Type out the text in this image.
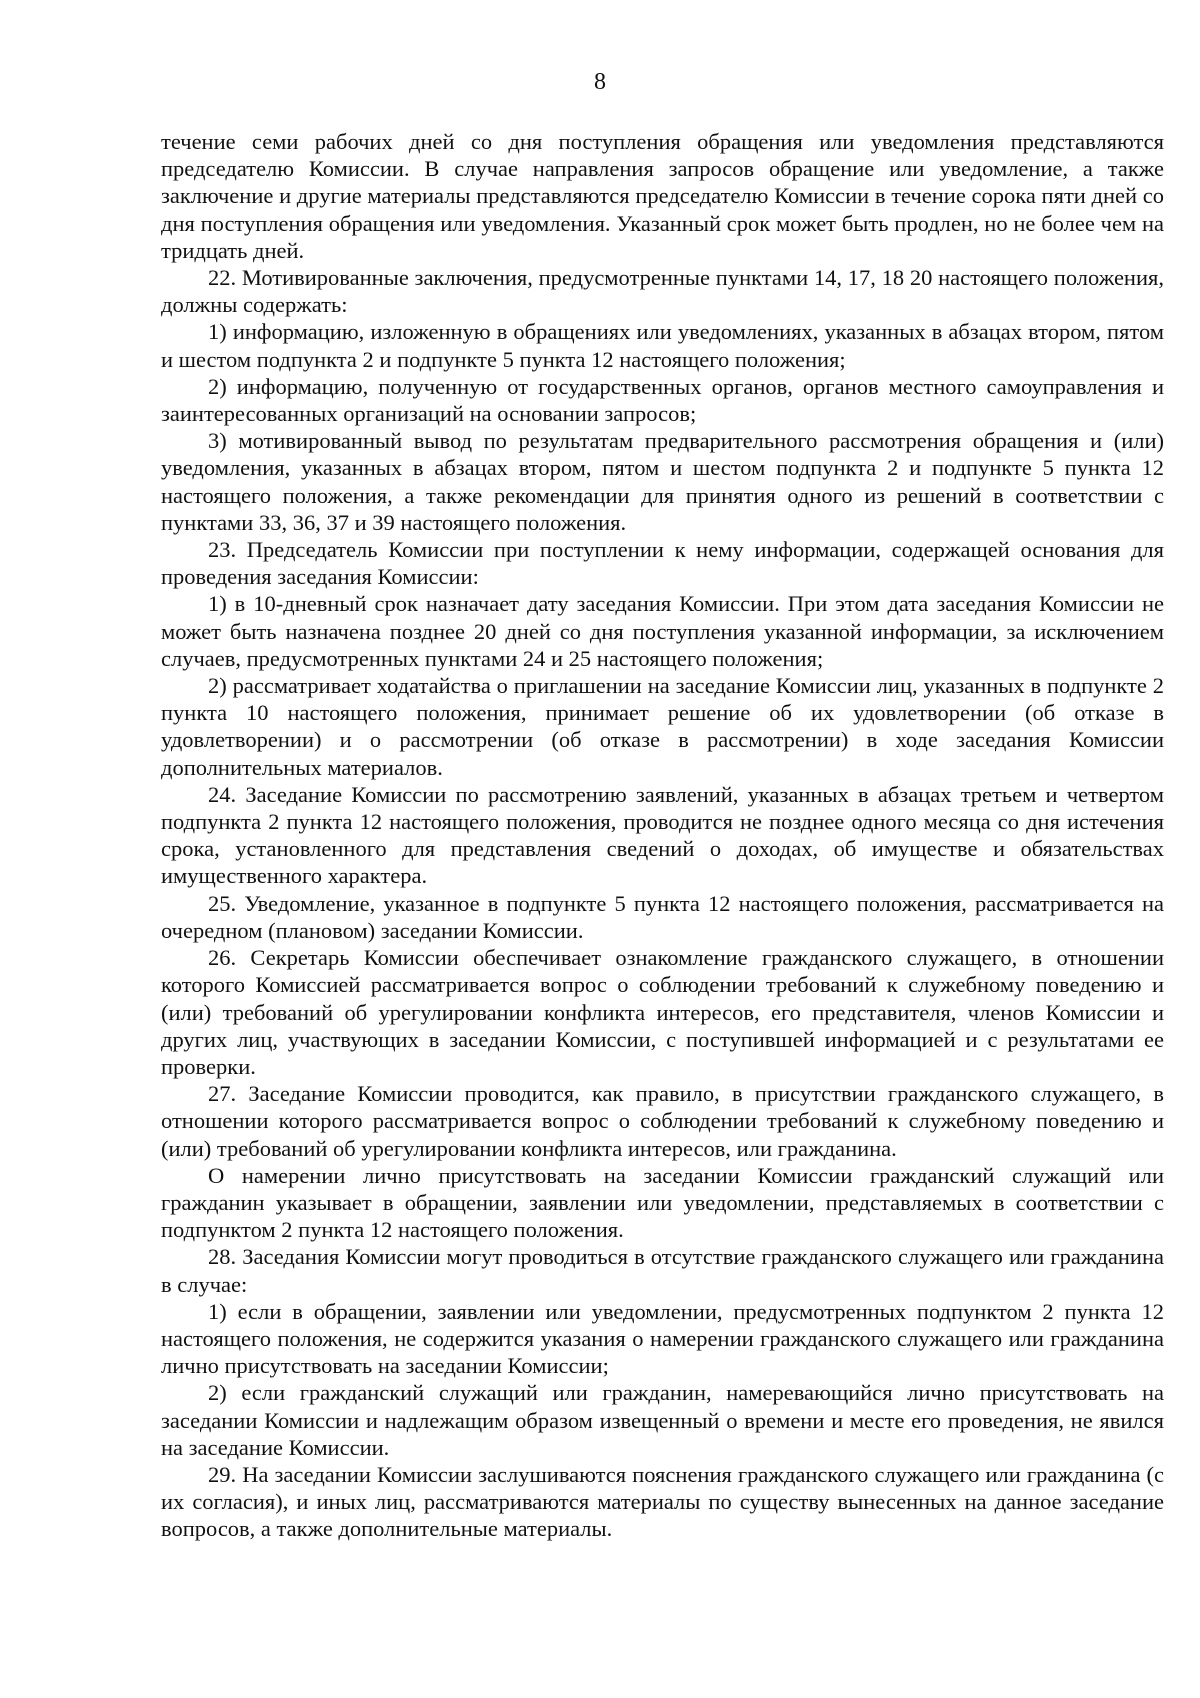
8

течение семи рабочих дней со дня поступления обращения или уведомления представляются председателю Комиссии. В случае направления запросов обращение или уведомление, а также заключение и другие материалы представляются председателю Комиссии в течение сорока пяти дней со дня поступления обращения или уведомления. Указанный срок может быть продлен, но не более чем на тридцать дней.

22. Мотивированные заключения, предусмотренные пунктами 14, 17, 18 20 настоящего положения, должны содержать:

1) информацию, изложенную в обращениях или уведомлениях, указанных в абзацах втором, пятом и шестом подпункта 2 и подпункте 5 пункта 12 настоящего положения;

2) информацию, полученную от государственных органов, органов местного самоуправления и заинтересованных организаций на основании запросов;

3) мотивированный вывод по результатам предварительного рассмотрения обращения и (или) уведомления, указанных в абзацах втором, пятом и шестом подпункта 2 и подпункте 5 пункта 12 настоящего положения, а также рекомендации для принятия одного из решений в соответствии с пунктами 33, 36, 37 и 39 настоящего положения.

23. Председатель Комиссии при поступлении к нему информации, содержащей основания для проведения заседания Комиссии:

1) в 10-дневный срок назначает дату заседания Комиссии. При этом дата заседания Комиссии не может быть назначена позднее 20 дней со дня поступления указанной информации, за исключением случаев, предусмотренных пунктами 24 и 25 настоящего положения;

2) рассматривает ходатайства о приглашении на заседание Комиссии лиц, указанных в подпункте 2 пункта 10 настоящего положения, принимает решение об их удовлетворении (об отказе в удовлетворении) и о рассмотрении (об отказе в рассмотрении) в ходе заседания Комиссии дополнительных материалов.

24. Заседание Комиссии по рассмотрению заявлений, указанных в абзацах третьем и четвертом подпункта 2 пункта 12 настоящего положения, проводится не позднее одного месяца со дня истечения срока, установленного для представления сведений о доходах, об имуществе и обязательствах имущественного характера.

25. Уведомление, указанное в подпункте 5 пункта 12 настоящего положения, рассматривается на очередном (плановом) заседании Комиссии.

26. Секретарь Комиссии обеспечивает ознакомление гражданского служащего, в отношении которого Комиссией рассматривается вопрос о соблюдении требований к служебному поведению и (или) требований об урегулировании конфликта интересов, его представителя, членов Комиссии и других лиц, участвующих в заседании Комиссии, с поступившей информацией и с результатами ее проверки.

27. Заседание Комиссии проводится, как правило, в присутствии гражданского служащего, в отношении которого рассматривается вопрос о соблюдении требований к служебному поведению и (или) требований об урегулировании конфликта интересов, или гражданина.

О намерении лично присутствовать на заседании Комиссии гражданский служащий или гражданин указывает в обращении, заявлении или уведомлении, представляемых в соответствии с подпунктом 2 пункта 12 настоящего положения.

28. Заседания Комиссии могут проводиться в отсутствие гражданского служащего или гражданина в случае:

1) если в обращении, заявлении или уведомлении, предусмотренных подпунктом 2 пункта 12 настоящего положения, не содержится указания о намерении гражданского служащего или гражданина лично присутствовать на заседании Комиссии;

2) если гражданский служащий или гражданин, намеревающийся лично присутствовать на заседании Комиссии и надлежащим образом извещенный о времени и месте его проведения, не явился на заседание Комиссии.

29. На заседании Комиссии заслушиваются пояснения гражданского служащего или гражданина (с их согласия), и иных лиц, рассматриваются материалы по существу вынесенных на данное заседание вопросов, а также дополнительные материалы.
